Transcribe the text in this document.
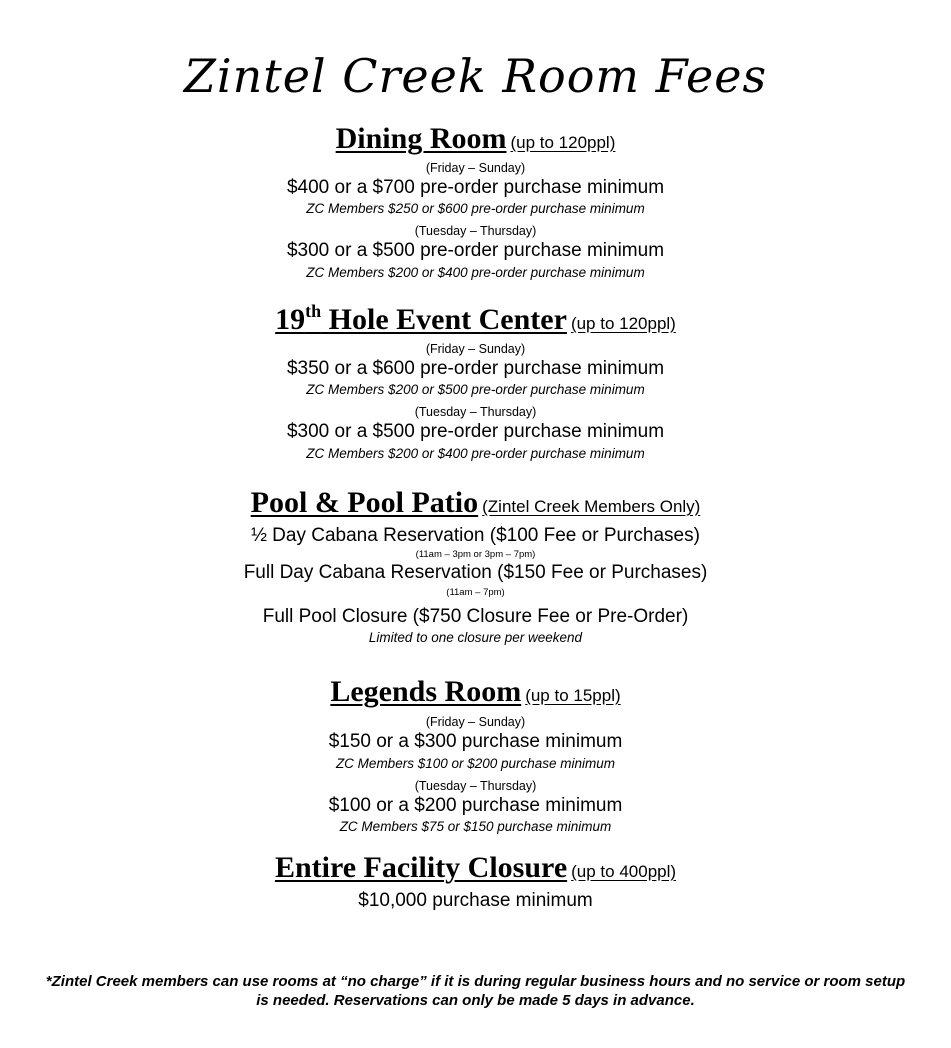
Zintel Creek Room Fees
Dining Room (up to 120ppl)
(Friday – Sunday)
$400 or a $700 pre-order purchase minimum
ZC Members $250 or $600 pre-order purchase minimum
(Tuesday – Thursday)
$300 or a $500 pre-order purchase minimum
ZC Members $200 or $400 pre-order purchase minimum
19th Hole Event Center (up to 120ppl)
(Friday – Sunday)
$350 or a $600 pre-order purchase minimum
ZC Members $200 or $500 pre-order purchase minimum
(Tuesday – Thursday)
$300 or a $500 pre-order purchase minimum
ZC Members $200 or $400 pre-order purchase minimum
Pool & Pool Patio (Zintel Creek Members Only)
½ Day Cabana Reservation ($100 Fee or Purchases)
(11am – 3pm or 3pm – 7pm)
Full Day Cabana Reservation ($150 Fee or Purchases)
(11am – 7pm)
Full Pool Closure ($750 Closure Fee or Pre-Order)
Limited to one closure per weekend
Legends Room (up to 15ppl)
(Friday – Sunday)
$150 or a $300 purchase minimum
ZC Members $100 or $200 purchase minimum
(Tuesday – Thursday)
$100 or a $200 purchase minimum
ZC Members $75 or $150 purchase minimum
Entire Facility Closure (up to 400ppl)
$10,000 purchase minimum
*Zintel Creek members can use rooms at “no charge” if it is during regular business hours and no service or room setup is needed. Reservations can only be made 5 days in advance.
